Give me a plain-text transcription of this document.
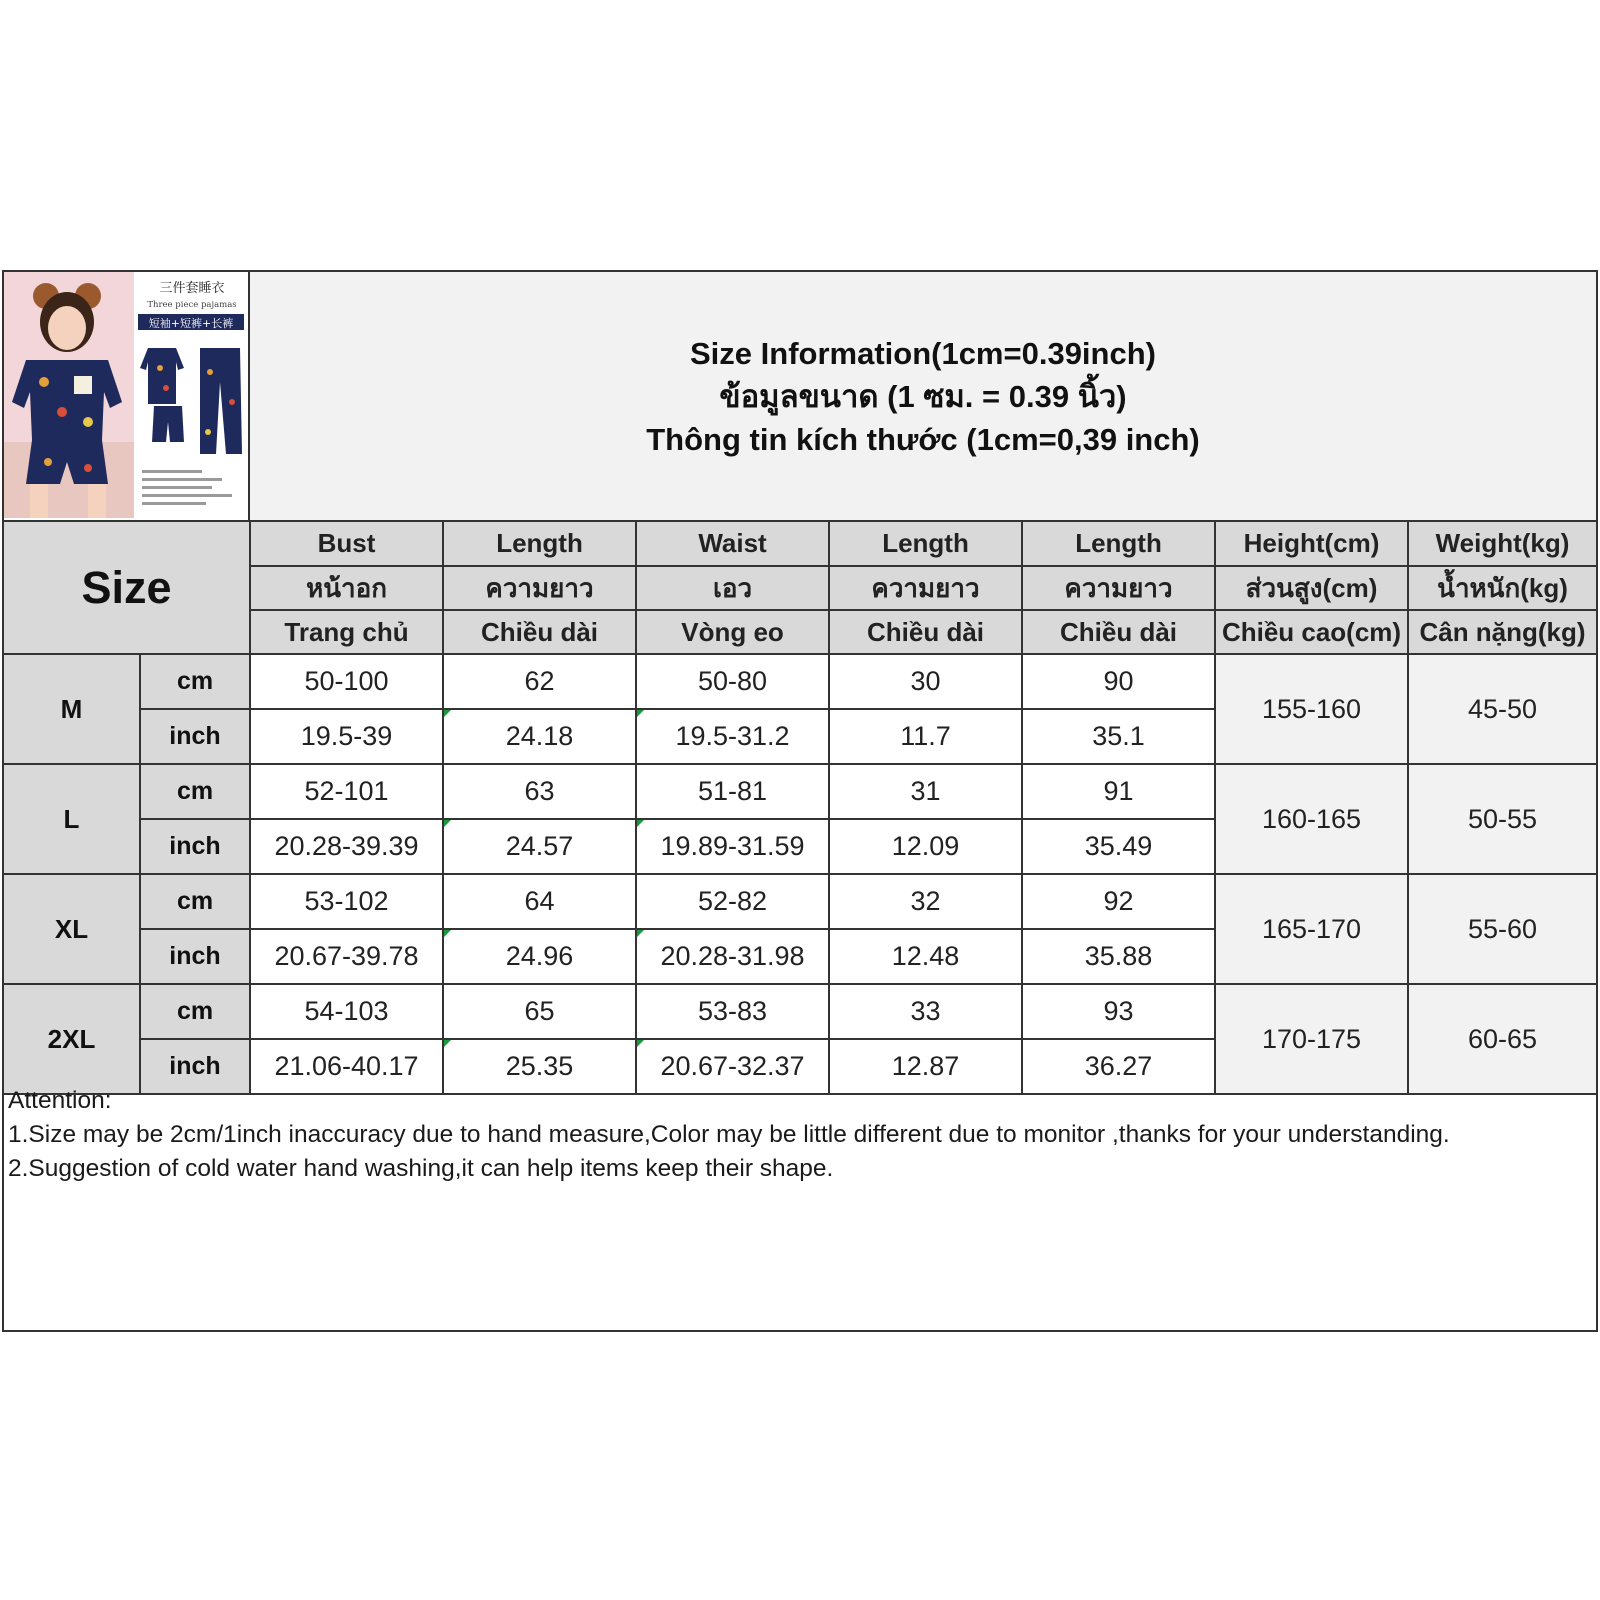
三件套睡衣
Three piece pajamas
短袖+短裤+长裤
Size Information(1cm=0.39inch)
ข้อมูลขนาด (1 ซม. = 0.39 นิ้ว)
Thông tin kích thước (1cm=0,39 inch)
Size		Bust	Length	Waist	Length	Length	Height(cm)	Weight(kg)
		หน้าอก	ความยาว	เอว	ความยาว	ความยาว	ส่วนสูง(cm)	น้ำหนัก(kg)
		Trang chủ	Chiều dài	Vòng eo	Chiều dài	Chiều dài	Chiều cao(cm)	Cân nặng(kg)
M	cm	50-100	62	50-80	30	90	155-160	45-50
	inch	19.5-39	24.18	19.5-31.2	11.7	35.1		
L	cm	52-101	63	51-81	31	91	160-165	50-55
	inch	20.28-39.39	24.57	19.89-31.59	12.09	35.49		
XL	cm	53-102	64	52-82	32	92	165-170	55-60
	inch	20.67-39.78	24.96	20.28-31.98	12.48	35.88		
2XL	cm	54-103	65	53-83	33	93	170-175	60-65
	inch	21.06-40.17	25.35	20.67-32.37	12.87	36.27		
Attention:
1.Size may be 2cm/1inch inaccuracy due to hand measure,Color may be little different due to monitor ,thanks for your understanding.
2.Suggestion of cold water hand washing,it can help items keep their shape.
